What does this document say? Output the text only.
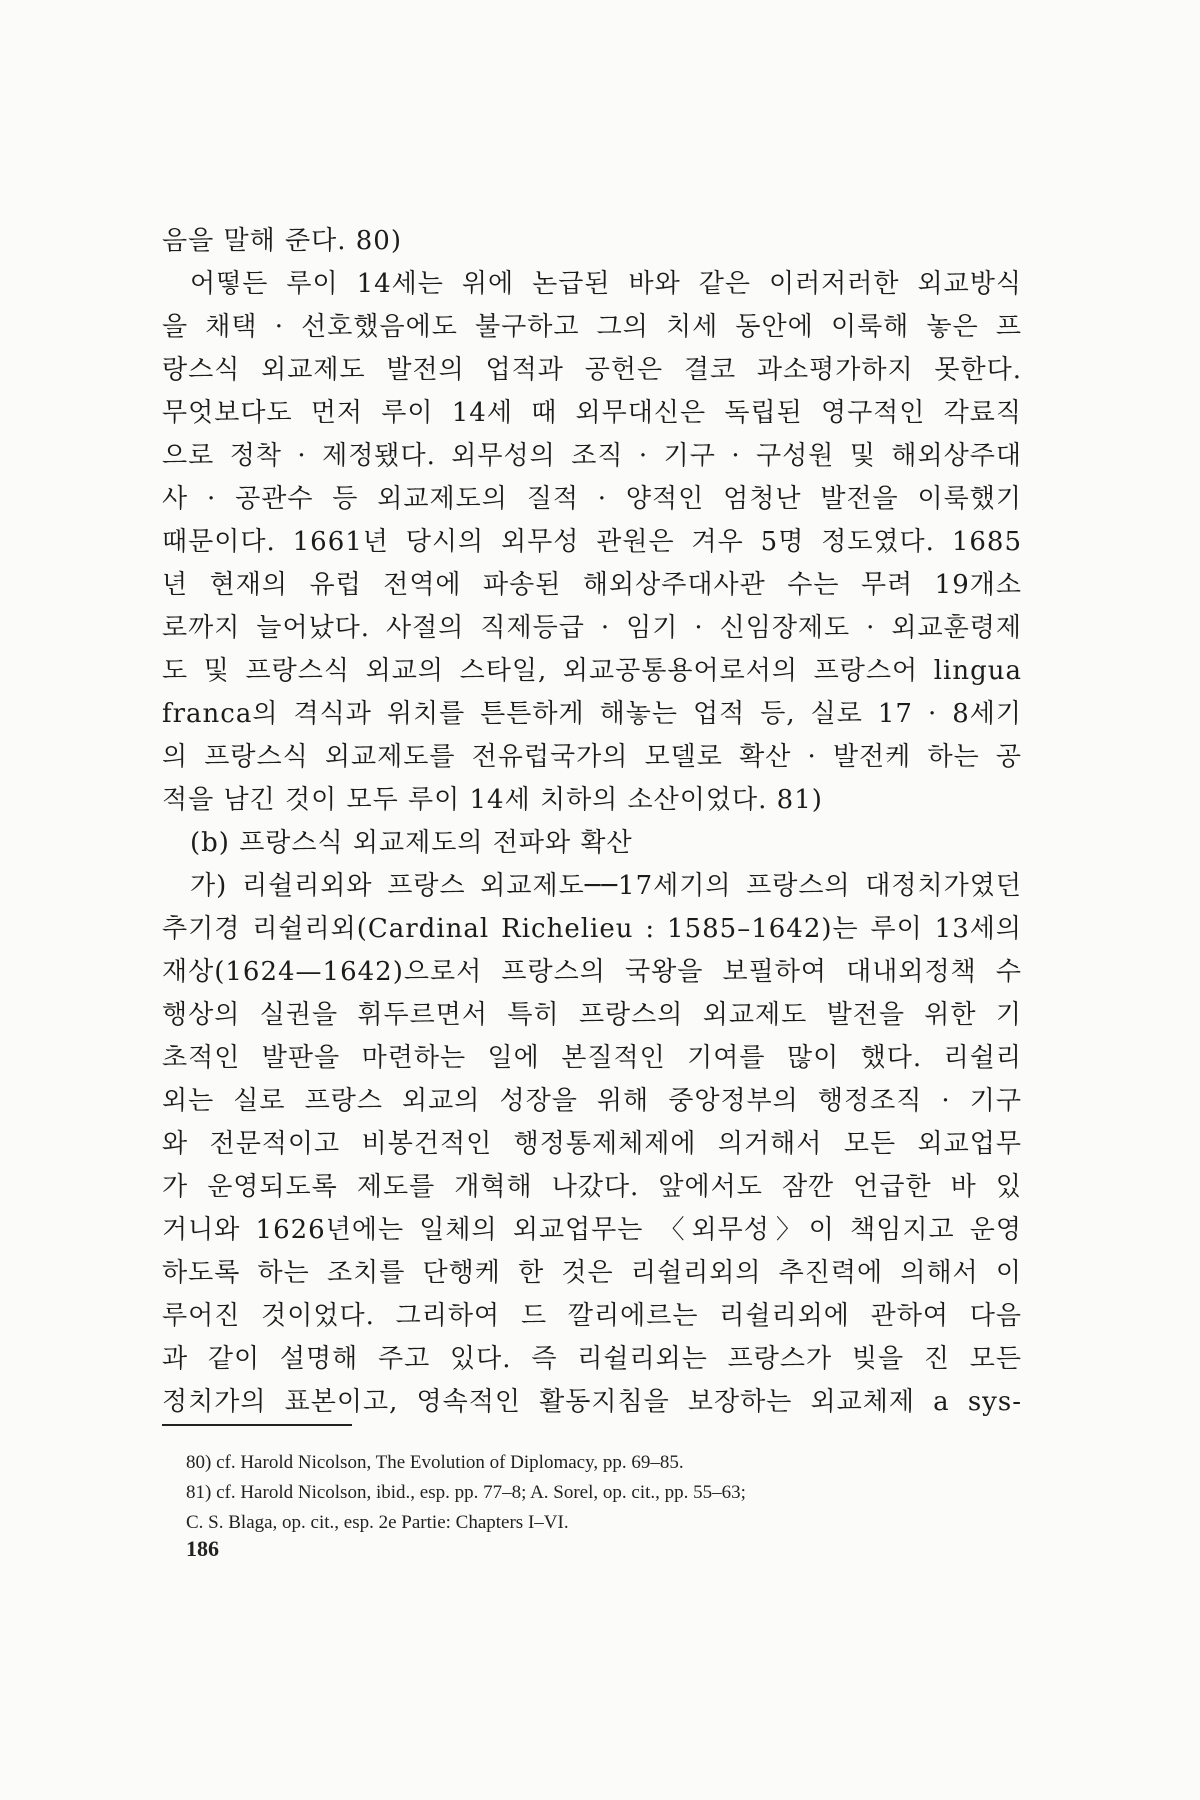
음을 말해 준다. 80)
어떻든 루이 14세는 위에 논급된 바와 같은 이러저러한 외교방식
을 채택 · 선호했음에도 불구하고 그의 치세 동안에 이룩해 놓은 프
랑스식 외교제도 발전의 업적과 공헌은 결코 과소평가하지 못한다.
무엇보다도 먼저 루이 14세 때 외무대신은 독립된 영구적인 각료직
으로 정착 · 제정됐다. 외무성의 조직 · 기구 · 구성원 및 해외상주대
사 · 공관수 등 외교제도의 질적 · 양적인 엄청난 발전을 이룩했기
때문이다. 1661년 당시의 외무성 관원은 겨우 5명 정도였다. 1685
년 현재의 유럽 전역에 파송된 해외상주대사관 수는 무려 19개소
로까지 늘어났다. 사절의 직제등급 · 임기 · 신임장제도 · 외교훈령제
도 및 프랑스식 외교의 스타일, 외교공통용어로서의 프랑스어 lingua
franca의 격식과 위치를 튼튼하게 해놓는 업적 등, 실로 17 · 8세기
의 프랑스식 외교제도를 전유럽국가의 모델로 확산 · 발전케 하는 공
적을 남긴 것이 모두 루이 14세 치하의 소산이었다. 81)
(b) 프랑스식 외교제도의 전파와 확산
가) 리쉴리외와 프랑스 외교제도──17세기의 프랑스의 대정치가였던
추기경 리쉴리외(Cardinal Richelieu : 1585–1642)는 루이 13세의
재상(1624—1642)으로서 프랑스의 국왕을 보필하여 대내외정책 수
행상의 실권을 휘두르면서 특히 프랑스의 외교제도 발전을 위한 기
초적인 발판을 마련하는 일에 본질적인 기여를 많이 했다. 리쉴리
외는 실로 프랑스 외교의 성장을 위해 중앙정부의 행정조직 · 기구
와 전문적이고 비봉건적인 행정통제체제에 의거해서 모든 외교업무
가 운영되도록 제도를 개혁해 나갔다. 앞에서도 잠깐 언급한 바 있
거니와 1626년에는 일체의 외교업무는 〈외무성〉이 책임지고 운영
하도록 하는 조치를 단행케 한 것은 리쉴리외의 추진력에 의해서 이
루어진 것이었다. 그리하여 드 깔리에르는 리쉴리외에 관하여 다음
과 같이 설명해 주고 있다. 즉 리쉴리외는 프랑스가 빚을 진 모든
정치가의 표본이고, 영속적인 활동지침을 보장하는 외교체제 a sys-
80) cf. Harold Nicolson, The Evolution of Diplomacy, pp. 69–85.
81) cf. Harold Nicolson, ibid., esp. pp. 77–8; A. Sorel, op. cit., pp. 55–63;
C. S. Blaga, op. cit., esp. 2e Partie: Chapters I–VI.
186
